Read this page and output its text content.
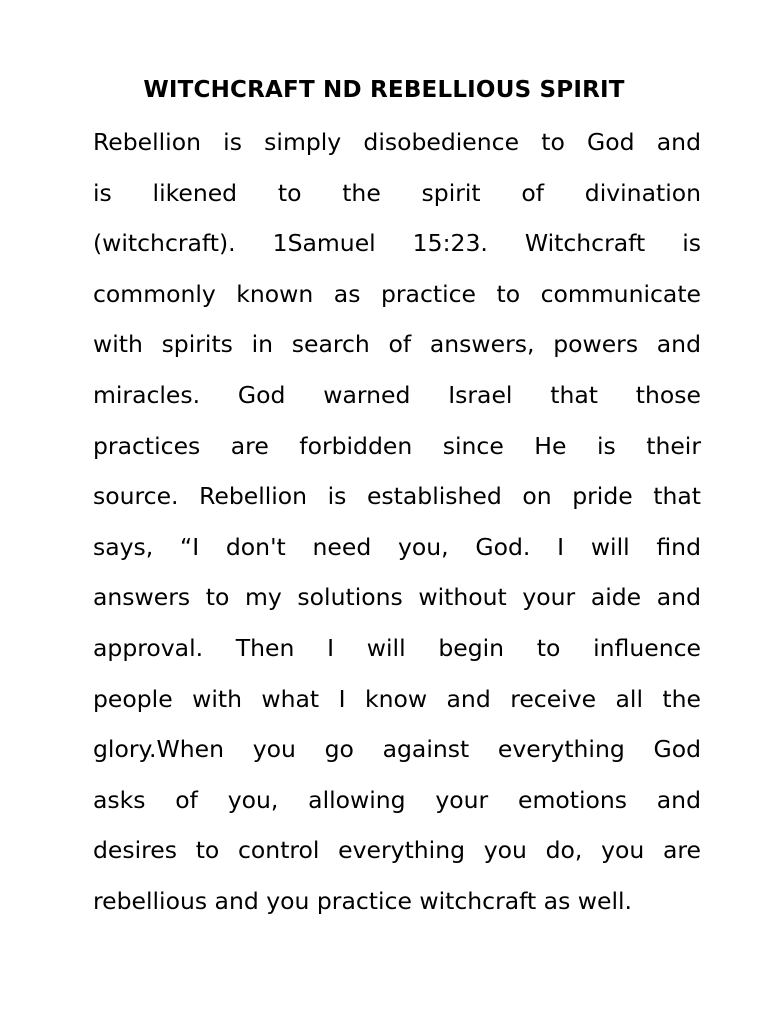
WITCHCRAFT ND REBELLIOUS SPIRIT
Rebellion is simply disobedience to God and
is likened to the spirit of divination
(witchcraft). 1Samuel 15:23. Witchcraft is
commonly known as practice to communicate
with spirits in search of answers, powers and
miracles. God warned Israel that those
practices are forbidden since He is their
source. Rebellion is established on pride that
says, “I don't need you, God. I will find
answers to my solutions without your aide and
approval. Then I will begin to influence
people with what I know and receive all the
glory.When you go against everything God
asks of you, allowing your emotions and
desires to control everything you do, you are
rebellious and you practice witchcraft as well.
